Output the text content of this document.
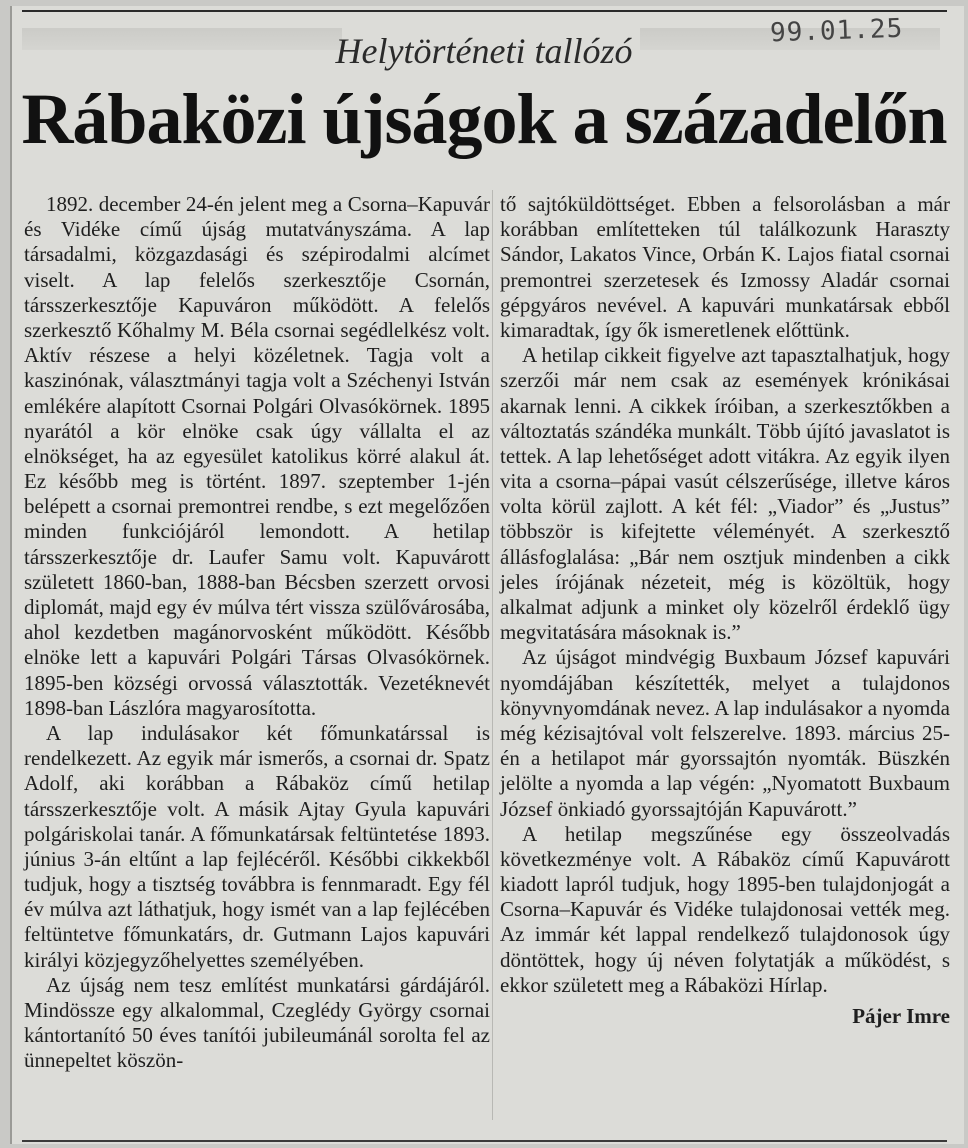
99.01.25
Helytörténeti tallózó
Rábaközi újságok a századelőn

1892. december 24-én jelent meg a Csorna–Kapuvár és Vidéke című újság mutatványszáma. A lap társadalmi, közgazdasági és szépirodalmi alcímet viselt. A lap felelős szerkesztője Csornán, társszerkesztője Kapuváron működött. A felelős szerkesztő Kőhalmy M. Béla csornai segédlelkész volt. Aktív részese a helyi közéletnek. Tagja volt a kaszinónak, választmányi tagja volt a Széchenyi István emlékére alapított Csornai Polgári Olvasókörnek. 1895 nyarától a kör elnöke csak úgy vállalta el az elnökséget, ha az egyesület katolikus körré alakul át. Ez később meg is történt. 1897. szeptember 1-jén belépett a csornai premontrei rendbe, s ezt megelőzően minden funkciójáról lemondott. A hetilap társszerkesztője dr. Laufer Samu volt. Kapuvárott született 1860-ban, 1888-ban Bécsben szerzett orvosi diplomát, majd egy év múlva tért vissza szülővárosába, ahol kezdetben magánorvosként működött. Később elnöke lett a kapuvári Polgári Társas Olvasókörnek. 1895-ben községi orvossá választották. Vezetéknevét 1898-ban Lászlóra magyarosította.

A lap indulásakor két főmunkatárssal is rendelkezett. Az egyik már ismerős, a csornai dr. Spatz Adolf, aki korábban a Rábaköz című hetilap társszerkesztője volt. A másik Ajtay Gyula kapuvári polgáriskolai tanár. A főmunkatársak feltüntetése 1893. június 3-án eltűnt a lap fejlécéről. Későbbi cikkekből tudjuk, hogy a tisztség továbbra is fennmaradt. Egy fél év múlva azt láthatjuk, hogy ismét van a lap fejlécében feltüntetve főmunkatárs, dr. Gutmann Lajos kapuvári királyi közjegyzőhelyettes személyében.

Az újság nem tesz említést munkatársi gárdájáról. Mindössze egy alkalommal, Czeglédy György csornai kántortanító 50 éves tanítói jubileumánál sorolta fel az ünnepeltet köszön-

tő sajtóküldöttséget. Ebben a felsorolásban a már korábban említetteken túl találkozunk Haraszty Sándor, Lakatos Vince, Orbán K. Lajos fiatal csornai premontrei szerzetesek és Izmossy Aladár csornai gépgyáros nevével. A kapuvári munkatársak ebből kimaradtak, így ők ismeretlenek előttünk.

A hetilap cikkeit figyelve azt tapasztalhatjuk, hogy szerzői már nem csak az események krónikásai akarnak lenni. A cikkek íróiban, a szerkesztőkben a változtatás szándéka munkált. Több újító javaslatot is tettek. A lap lehetőséget adott vitákra. Az egyik ilyen vita a csorna–pápai vasút célszerűsége, illetve káros volta körül zajlott. A két fél: „Viador” és „Justus” többször is kifejtette véleményét. A szerkesztő állásfoglalása: „Bár nem osztjuk mindenben a cikk jeles írójának nézeteit, még is közöltük, hogy alkalmat adjunk a minket oly közelről érdeklő ügy megvitatására másoknak is.”

Az újságot mindvégig Buxbaum József kapuvári nyomdájában készítették, melyet a tulajdonos könyvnyomdának nevez. A lap indulásakor a nyomda még kézisajtóval volt felszerelve. 1893. március 25-én a hetilapot már gyorssajtón nyomták. Büszkén jelölte a nyomda a lap végén: „Nyomatott Buxbaum József önkiadó gyorssajtóján Kapuvárott.”

A hetilap megszűnése egy összeolvadás következménye volt. A Rábaköz című Kapuvárott kiadott lapról tudjuk, hogy 1895-ben tulajdonjogát a Csorna–Kapuvár és Vidéke tulajdonosai vették meg. Az immár két lappal rendelkező tulajdonosok úgy döntöttek, hogy új néven folytatják a működést, s ekkor született meg a Rábaközi Hírlap.

Pájer Imre
